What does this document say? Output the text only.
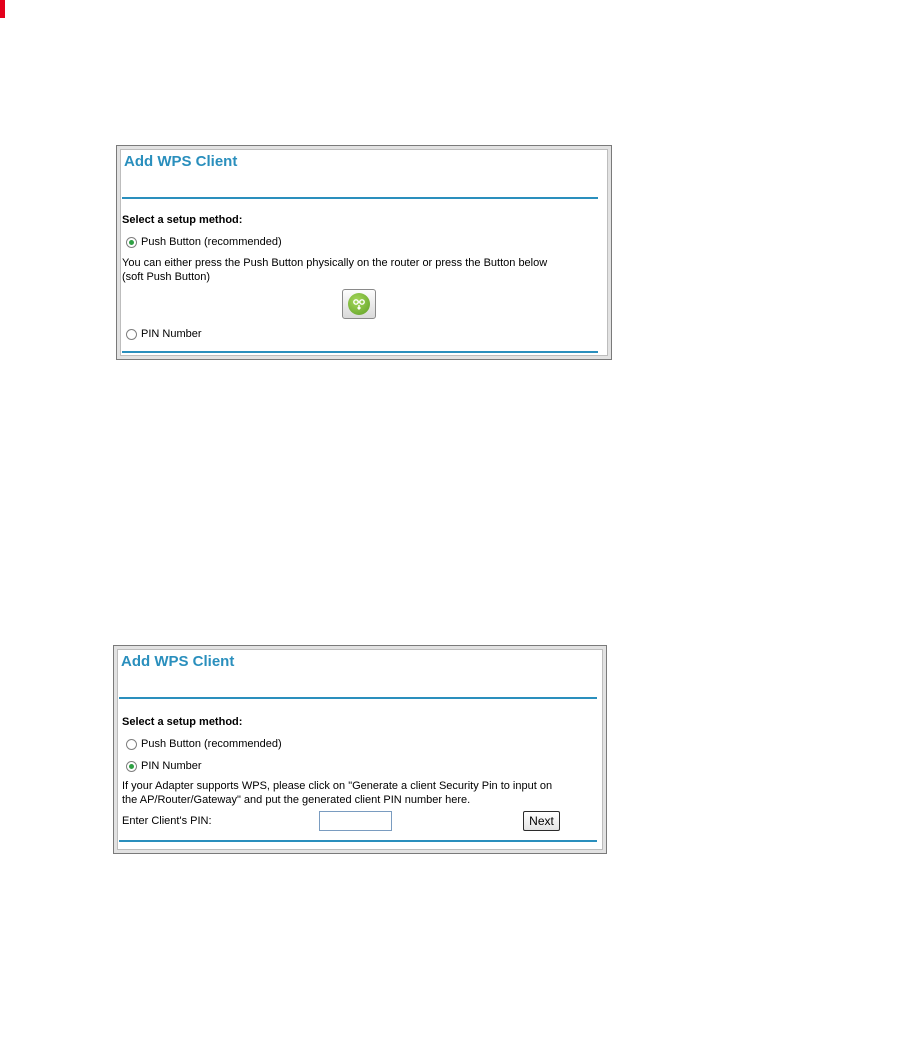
Add WPS Client
Select a setup method:
Push Button (recommended)
You can either press the Push Button physically on the router or press the Button below
(soft Push Button)
PIN Number
Add WPS Client
Select a setup method:
Push Button (recommended)
PIN Number
If your Adapter supports WPS, please click on "Generate a client Security Pin to input on
the AP/Router/Gateway" and put the generated client PIN number here.
Enter Client's PIN:	Next
